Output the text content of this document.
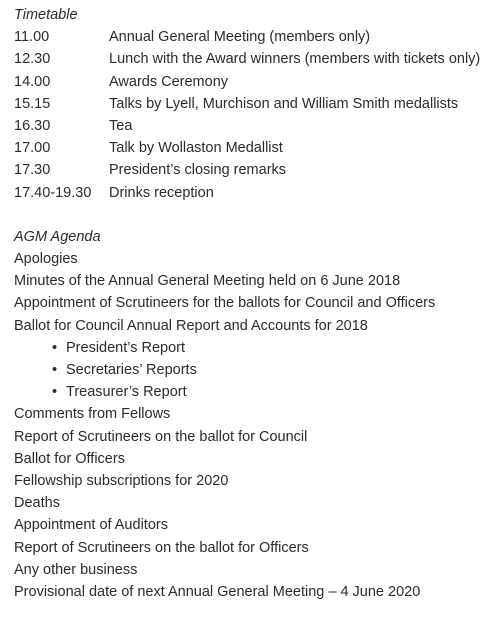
Timetable
11.00	Annual General Meeting (members only)
12.30	Lunch with the Award winners (members with tickets only)
14.00	Awards Ceremony
15.15	Talks by Lyell, Murchison and William Smith medallists
16.30	Tea
17.00	Talk by Wollaston Medallist
17.30	President’s closing remarks
17.40-19.30	Drinks reception
AGM Agenda
Apologies
Minutes of the Annual General Meeting held on 6 June 2018
Appointment of Scrutineers for the ballots for Council and Officers
Ballot for Council Annual Report and Accounts for 2018
• President’s Report
• Secretaries’ Reports
• Treasurer’s Report
Comments from Fellows
Report of Scrutineers on the ballot for Council
Ballot for Officers
Fellowship subscriptions for 2020
Deaths
Appointment of Auditors
Report of Scrutineers on the ballot for Officers
Any other business
Provisional date of next Annual General Meeting – 4 June 2020
